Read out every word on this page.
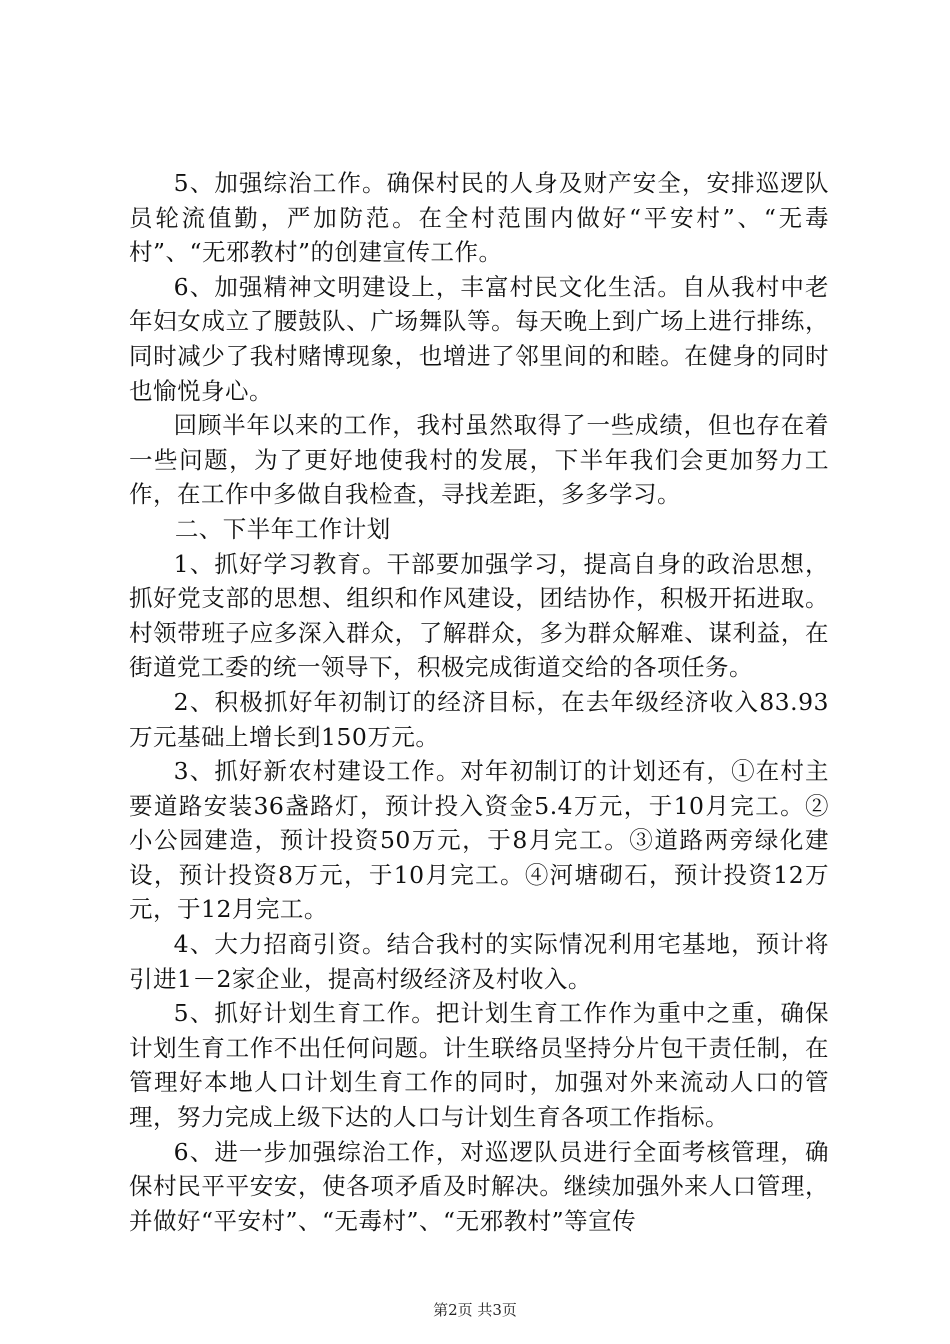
5、加强综治工作。确保村民的人身及财产安全，安排巡逻队员轮流值勤，严加防范。在全村范围内做好“平安村”、“无毒村”、“无邪教村”的创建宣传工作。

6、加强精神文明建设上，丰富村民文化生活。自从我村中老年妇女成立了腰鼓队、广场舞队等。每天晚上到广场上进行排练，同时减少了我村赌博现象，也增进了邻里间的和睦。在健身的同时也愉悦身心。

回顾半年以来的工作，我村虽然取得了一些成绩，但也存在着一些问题，为了更好地使我村的发展，下半年我们会更加努力工作，在工作中多做自我检查，寻找差距，多多学习。

二、下半年工作计划

1、抓好学习教育。干部要加强学习，提高自身的政治思想，抓好党支部的思想、组织和作风建设，团结协作，积极开拓进取。村领带班子应多深入群众，了解群众，多为群众解难、谋利益，在街道党工委的统一领导下，积极完成街道交给的各项任务。

2、积极抓好年初制订的经济目标，在去年级经济收入83.93万元基础上增长到150万元。

3、抓好新农村建设工作。对年初制订的计划还有，①在村主要道路安装36盏路灯，预计投入资金5.4万元，于10月完工。②小公园建造，预计投资50万元，于8月完工。③道路两旁绿化建设，预计投资8万元，于10月完工。④河塘砌石，预计投资12万元，于12月完工。

4、大力招商引资。结合我村的实际情况利用宅基地，预计将引进1－2家企业，提高村级经济及村收入。

5、抓好计划生育工作。把计划生育工作作为重中之重，确保计划生育工作不出任何问题。计生联络员坚持分片包干责任制，在管理好本地人口计划生育工作的同时，加强对外来流动人口的管理，努力完成上级下达的人口与计划生育各项工作指标。

6、进一步加强综治工作，对巡逻队员进行全面考核管理，确保村民平平安安，使各项矛盾及时解决。继续加强外来人口管理，并做好“平安村”、“无毒村”、“无邪教村”等宣传

第2页 共3页
